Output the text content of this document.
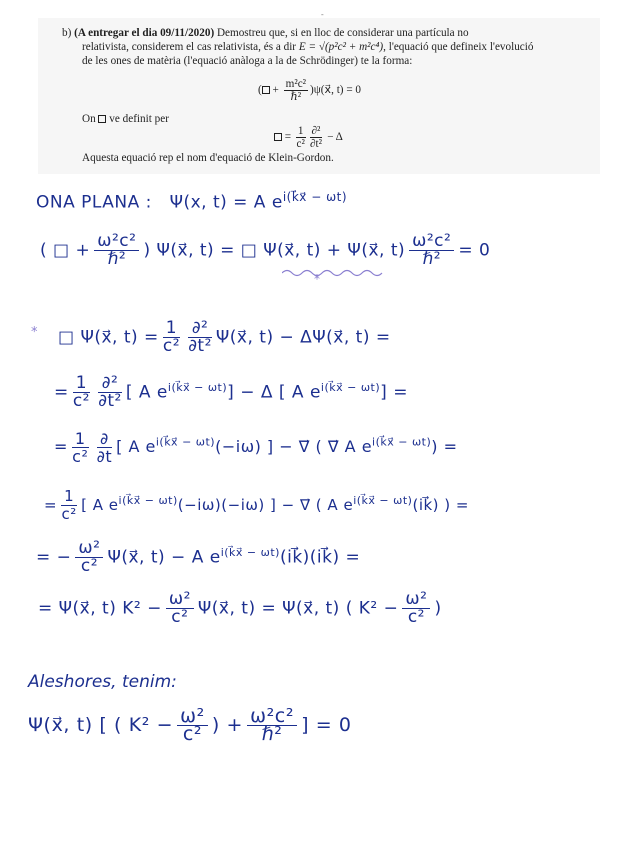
-
b) (A entregar el dia 09/11/2020) Demostreu que, si en lloc de considerar una partícula no
relativista, considerem el cas relativista, és a dir E = √(p²c² + m²c⁴), l'equació que defineix l'evolució
de les ones de matèria (l'equació anàloga a la de Schrödinger) te la forma:
( + $\frac{\text{m²c²}}{\text{ℏ²}}$ )ψ(x⃗, t) = 0
On  ve definit per
= $\frac{1}{\text{c²}} \frac{\text{∂²}}{\text{∂t²}} - \Delta$
Aquesta equació rep el nom d'equació de Klein-Gordon.
ONA PLANA : Ψ(x, t) = A $e^{i(k⃗x⃗ - \omega t)}$
( □ + ω²c²
ℏ²	) Ψ(x⃗, t) = □ Ψ(x⃗, t) + Ψ(x⃗, t) ω²c²
ℏ²	= 0
*
* □ Ψ(x⃗, $t) = \frac{1}{\text{c²}} \partial^2$
∂t² Ψ(x⃗, t) − ΔΨ(x⃗, t) =
= $\frac{1}{\text{c²}} \partial^2$
∂t² [ A $e^{i(k⃗x⃗ - \omega t)}] - \Delta$ [ A $e^{i(k⃗x⃗ - \omega t)}$] =
= $\frac{1}{\text{c²}}$ ∂
∂t
[ A $e^{i(k⃗x⃗ - \omega t)}(-i\omega)$ ] − ∇⃗ ( ∇⃗ A $e^{i(k⃗x⃗ - \omega t)}$) =
= $\frac{1}{\text{c²}}$ [ A $e^{i(k⃗x⃗ - \omega t)}(-i\omega)(-i\omega)$ ] − ∇⃗ ( A $e^{i(k⃗x⃗ - \omega t)}(ik⃗)$ ) =
= − $\frac{\text{ω²}}{\text{c²}}$ Ψ(x⃗, t) − A $e^{i(k⃗x⃗ - \omega t)}(ik⃗)(ik⃗)$ =
= Ψ(x⃗, t) $K^2 - \frac{\text{ω²}}{\text{c²}}$ Ψ(x⃗, t) = Ψ(x⃗, t) ( $K^2 - \frac{\text{ω²}}{\text{c²}}$ )
Aleshores, tenim:
Ψ(x⃗, t) [ ( $K^2 - \frac{\text{ω²}}{\text{c²}}$ ) + ω²c²
ℏ² ] = 0
